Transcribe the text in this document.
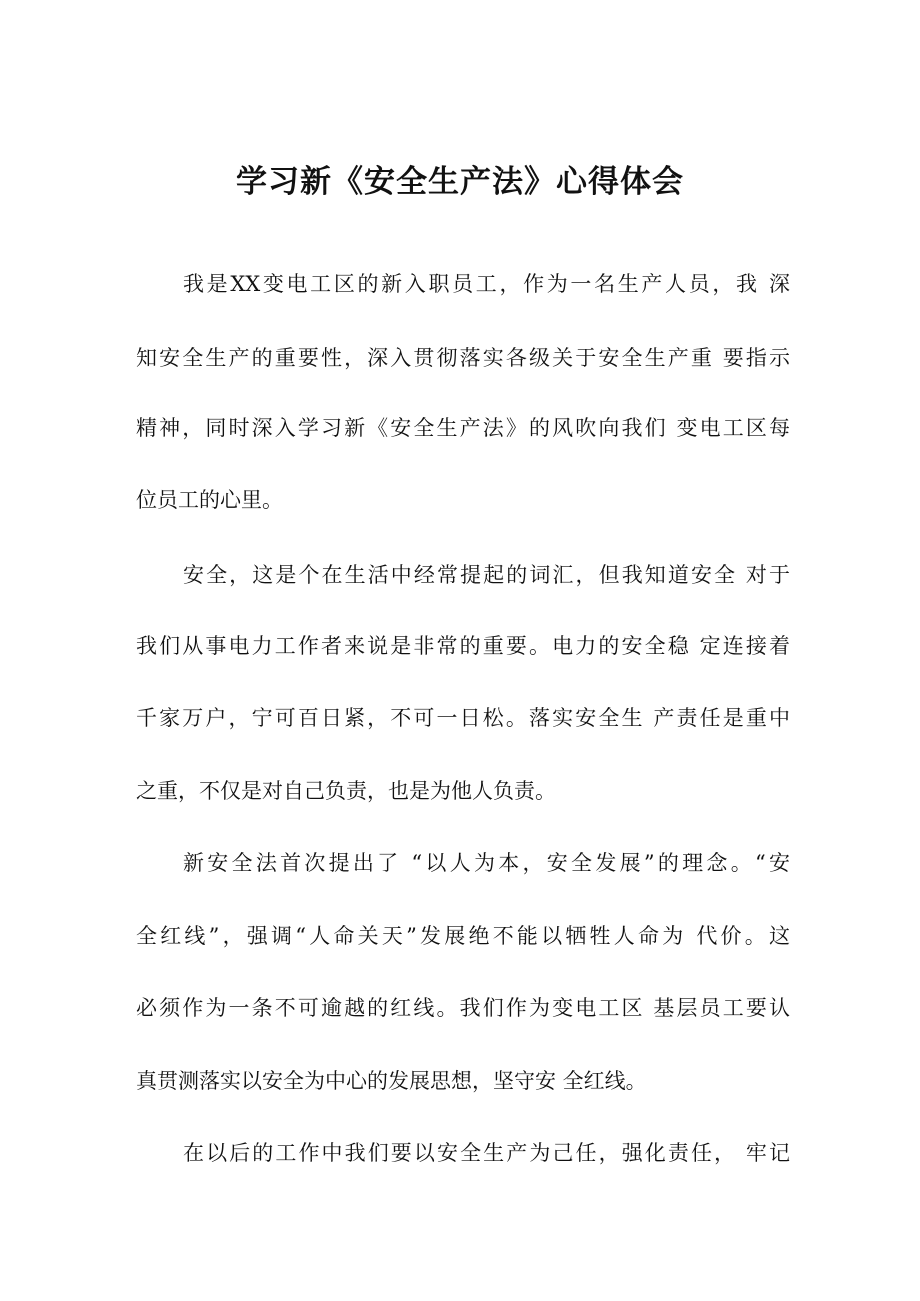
学习新《安全生产法》心得体会
我是XX变电工区的新入职员工，作为一名生产人员，我 深
知安全生产的重要性，深入贯彻落实各级关于安全生产重 要指示
精神，同时深入学习新《安全生产法》的风吹向我们 变电工区每
位员工的心里。
安全，这是个在生活中经常提起的词汇，但我知道安全 对于
我们从事电力工作者来说是非常的重要。电力的安全稳 定连接着
千家万户，宁可百日紧，不可一日松。落实安全生 产责任是重中
之重，不仅是对自己负责，也是为他人负责。
新安全法首次提出了 “以人为本，安全发展”的理念。“安
全红线”，强调“人命关天”发展绝不能以牺牲人命为 代价。这
必须作为一条不可逾越的红线。我们作为变电工区 基层员工要认
真贯测落实以安全为中心的发展思想，坚守安 全红线。
在以后的工作中我们要以安全生产为己任，强化责任， 牢记
